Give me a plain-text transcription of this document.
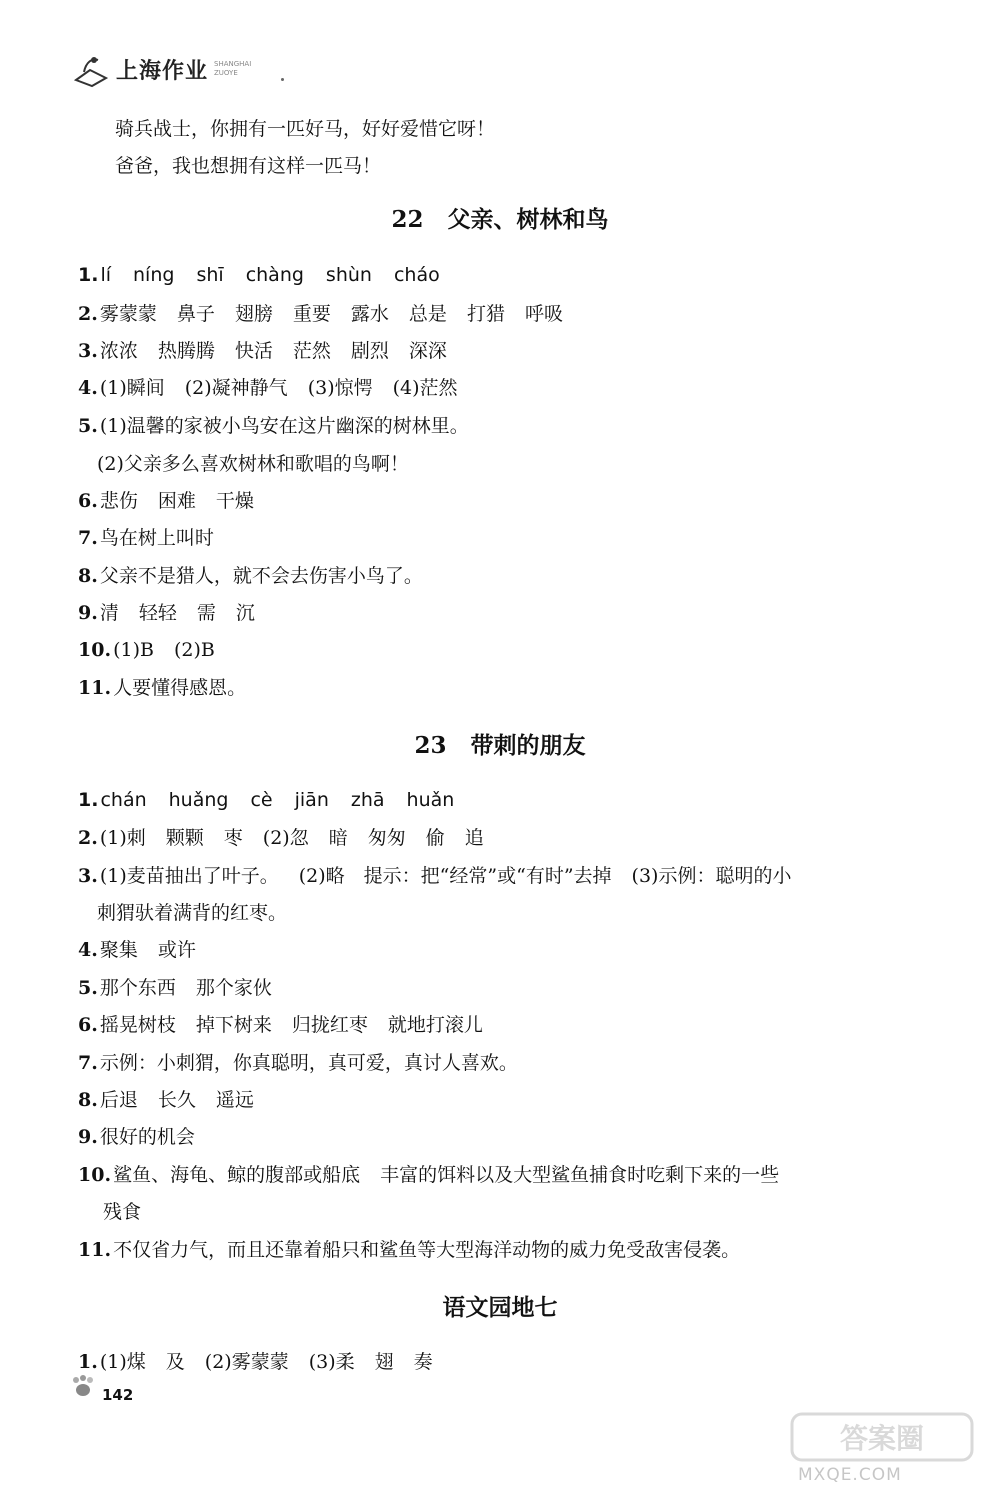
上海作业 SHANGHAI
ZUOYE
骑兵战士，你拥有一匹好马，好好爱惜它呀！
爸爸，我也想拥有这样一匹马！
22 父亲、树林和鸟
1. lí níng shī chàng shùn cháo
2. 雾蒙蒙 鼻子 翅膀 重要 露水 总是 打猎 呼吸
3. 浓浓 热腾腾 快活 茫然 剧烈 深深
4. (1)瞬间 (2)凝神静气 (3)惊愕 (4)茫然
5. (1)温馨的家被小鸟安在这片幽深的树林里。
(2)父亲多么喜欢树林和歌唱的鸟啊！
6. 悲伤 困难 干燥
7. 鸟在树上叫时
8. 父亲不是猎人，就不会去伤害小鸟了。
9. 清 轻轻 需 沉
10. (1)B (2)B
11. 人要懂得感恩。
23 带刺的朋友
1. chán huǎng cè jiān zhā huǎn
2. (1)刺 颗颗 枣 (2)忽 暗 匆匆 偷 追
3. (1)麦苗抽出了叶子。 (2)略　提示：把“经常”或“有时”去掉 (3)示例：聪明的小
刺猬驮着满背的红枣。
4. 聚集 或许
5. 那个东西 那个家伙
6. 摇晃树枝 掉下树来 归拢红枣 就地打滚儿
7. 示例：小刺猬，你真聪明，真可爱，真讨人喜欢。
8. 后退 长久 遥远
9. 很好的机会
10. 鲨鱼、海龟、鲸的腹部或船底 丰富的饵料以及大型鲨鱼捕食时吃剩下来的一些
残食
11. 不仅省力气，而且还靠着船只和鲨鱼等大型海洋动物的威力免受敌害侵袭。
语文园地七
1. (1)煤 及 (2)雾蒙蒙 (3)柔 翅 奏
142
答案圈
MXQE.COM
